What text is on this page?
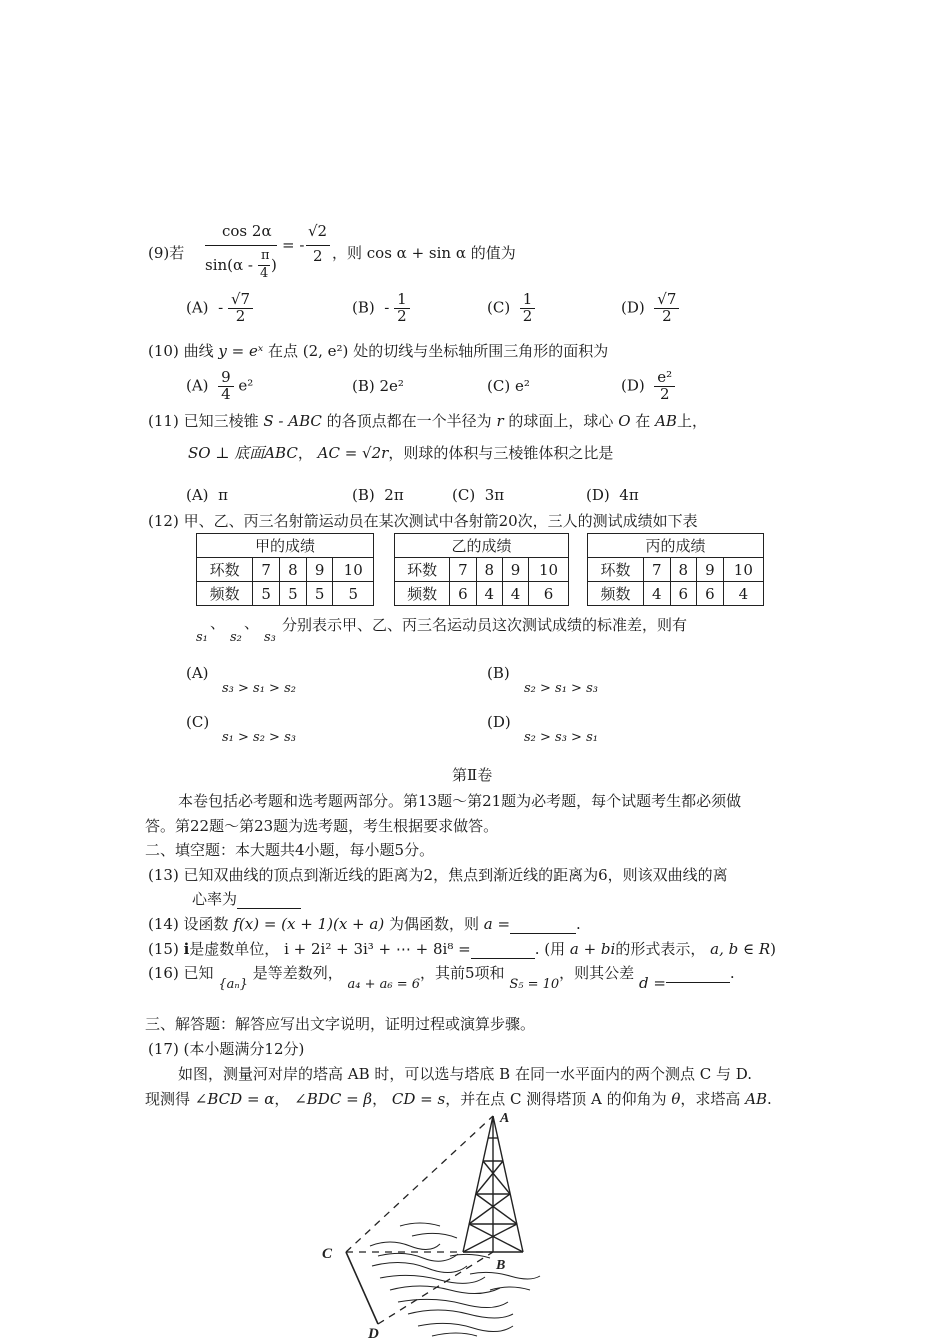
(9)若
cos 2α
sin(α -
π
4 )
= -
√2
2 ，则 cos α + sin α 的值为
$(A) - \frac{√7}{2}$	$(B) - \frac{1}{2}$	$(C) \frac{1}{2}$	$(D) \frac{√7}{2}$
(10) 曲线 y = eˣ 在点 (2, e²) 处的切线与坐标轴所围三角形的面积为
$(A) \frac{9}{4} e^2$	(B) 2e²	(C) e²	$(D) \frac{\text{e²}}{2}$
(11) 已知三棱锥 S - ABC 的各顶点都在一个半径为 r 的球面上，球心 O 在 AB上，
SO ⊥ 底面ABC， AC = √2r，则球的体积与三棱锥体积之比是
(A) π	(B) 2π	(C) 3π	(D) 4π
(12) 甲、乙、丙三名射箭运动员在某次测试中各射箭20次，三人的测试成绩如下表
甲的成绩				
环数	7	8	9	10
频数	5	5	5	5
乙的成绩				
环数	7	8	9	10
频数	6	4	4	6
丙的成绩				
环数	7	8	9	10
频数	4	6	6	4
s₁
、
s₂
、
s₃
分别表示甲、乙、丙三名运动员这次测试成绩的标准差，则有
(A)
s₃ > s₁ > s₂
(B)
s₂ > s₁ > s₃
(C)
s₁ > s₂ > s₃
(D)
s₂ > s₃ > s₁
第Ⅱ卷
本卷包括必考题和选考题两部分。第13题～第21题为必考题，每个试题考生都必须做
答。第22题～第23题为选考题，考生根据要求做答。
二、填空题：本大题共4小题，每小题5分。
(13) 已知双曲线的顶点到渐近线的距离为2，焦点到渐近线的距离为6，则该双曲线的离
心率为
(14) 设函数 f(x) = (x + 1)(x + a) 为偶函数，则 a =	.
(15) i是虚数单位， i + 2i² + 3i³ + ⋯ + 8i⁸ =	. (用 a + bi的形式表示， a, b ∈ R)
(16) 已知 {aₙ} 是等差数列， a₄ + a₆ = 6，其前5项和 S₅ = 10，则其公差 d = .
三、解答题：解答应写出文字说明，证明过程或演算步骤。
(17) (本小题满分12分)
如图，测量河对岸的塔高 AB 时，可以选与塔底 B 在同一水平面内的两个测点 C 与 D.
现测得 ∠BCD = α， ∠BDC = β， CD = s，并在点 C 测得塔顶 A 的仰角为 θ，求塔高 AB.
A
B
C
D
